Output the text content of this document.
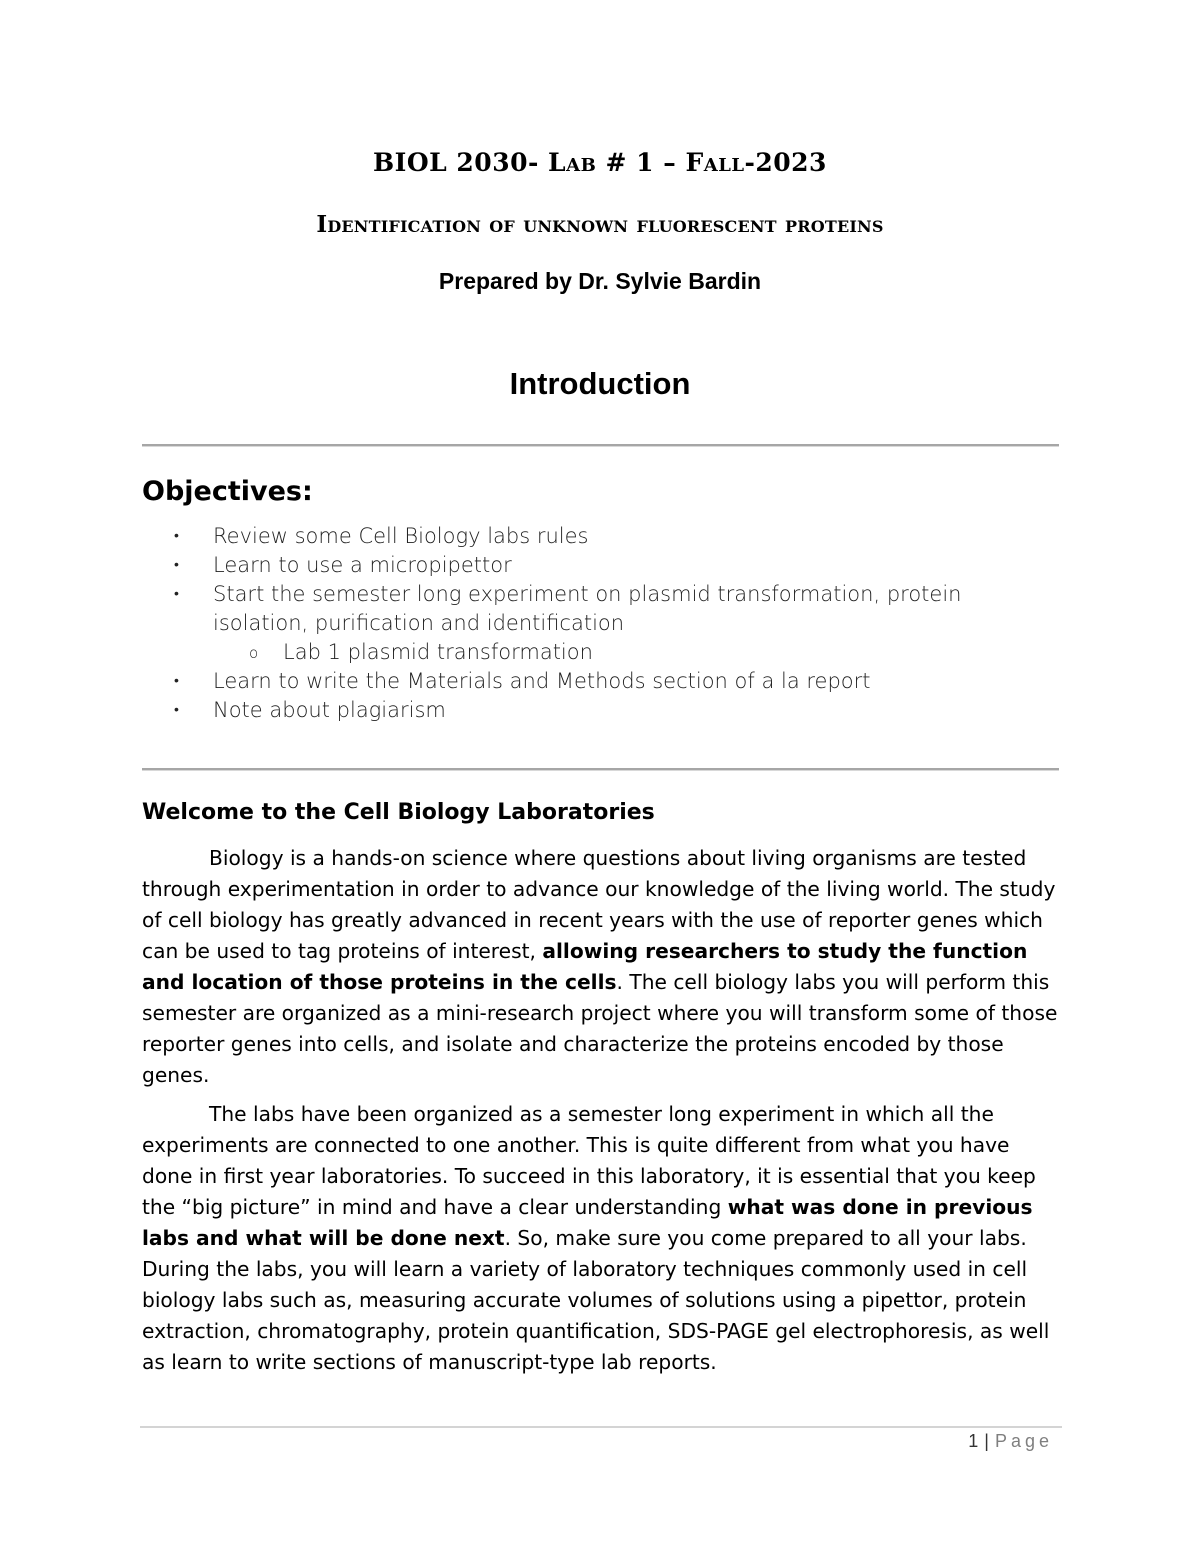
BIOL 2030- Lab # 1 – Fall-2023
Identification of unknown fluorescent proteins
Prepared by Dr. Sylvie Bardin
Introduction
Objectives:
• Review some Cell Biology labs rules
• Learn to use a micropipettor
• Start the semester long experiment on plasmid transformation, protein isolation, purification and identification
o Lab 1 plasmid transformation
• Learn to write the Materials and Methods section of a la report
• Note about plagiarism
Welcome to the Cell Biology Laboratories

Biology is a hands-on science where questions about living organisms are tested through experimentation in order to advance our knowledge of the living world. The study of cell biology has greatly advanced in recent years with the use of reporter genes which can be used to tag proteins of interest, allowing researchers to study the function and location of those proteins in the cells. The cell biology labs you will perform this semester are organized as a mini-research project where you will transform some of those reporter genes into cells, and isolate and characterize the proteins encoded by those genes.

The labs have been organized as a semester long experiment in which all the experiments are connected to one another. This is quite different from what you have done in first year laboratories. To succeed in this laboratory, it is essential that you keep the “big picture” in mind and have a clear understanding what was done in previous labs and what will be done next. So, make sure you come prepared to all your labs. During the labs, you will learn a variety of laboratory techniques commonly used in cell biology labs such as, measuring accurate volumes of solutions using a pipettor, protein extraction, chromatography, protein quantification, SDS-PAGE gel electrophoresis, as well as learn to write sections of manuscript-type lab reports.

1 | Page
